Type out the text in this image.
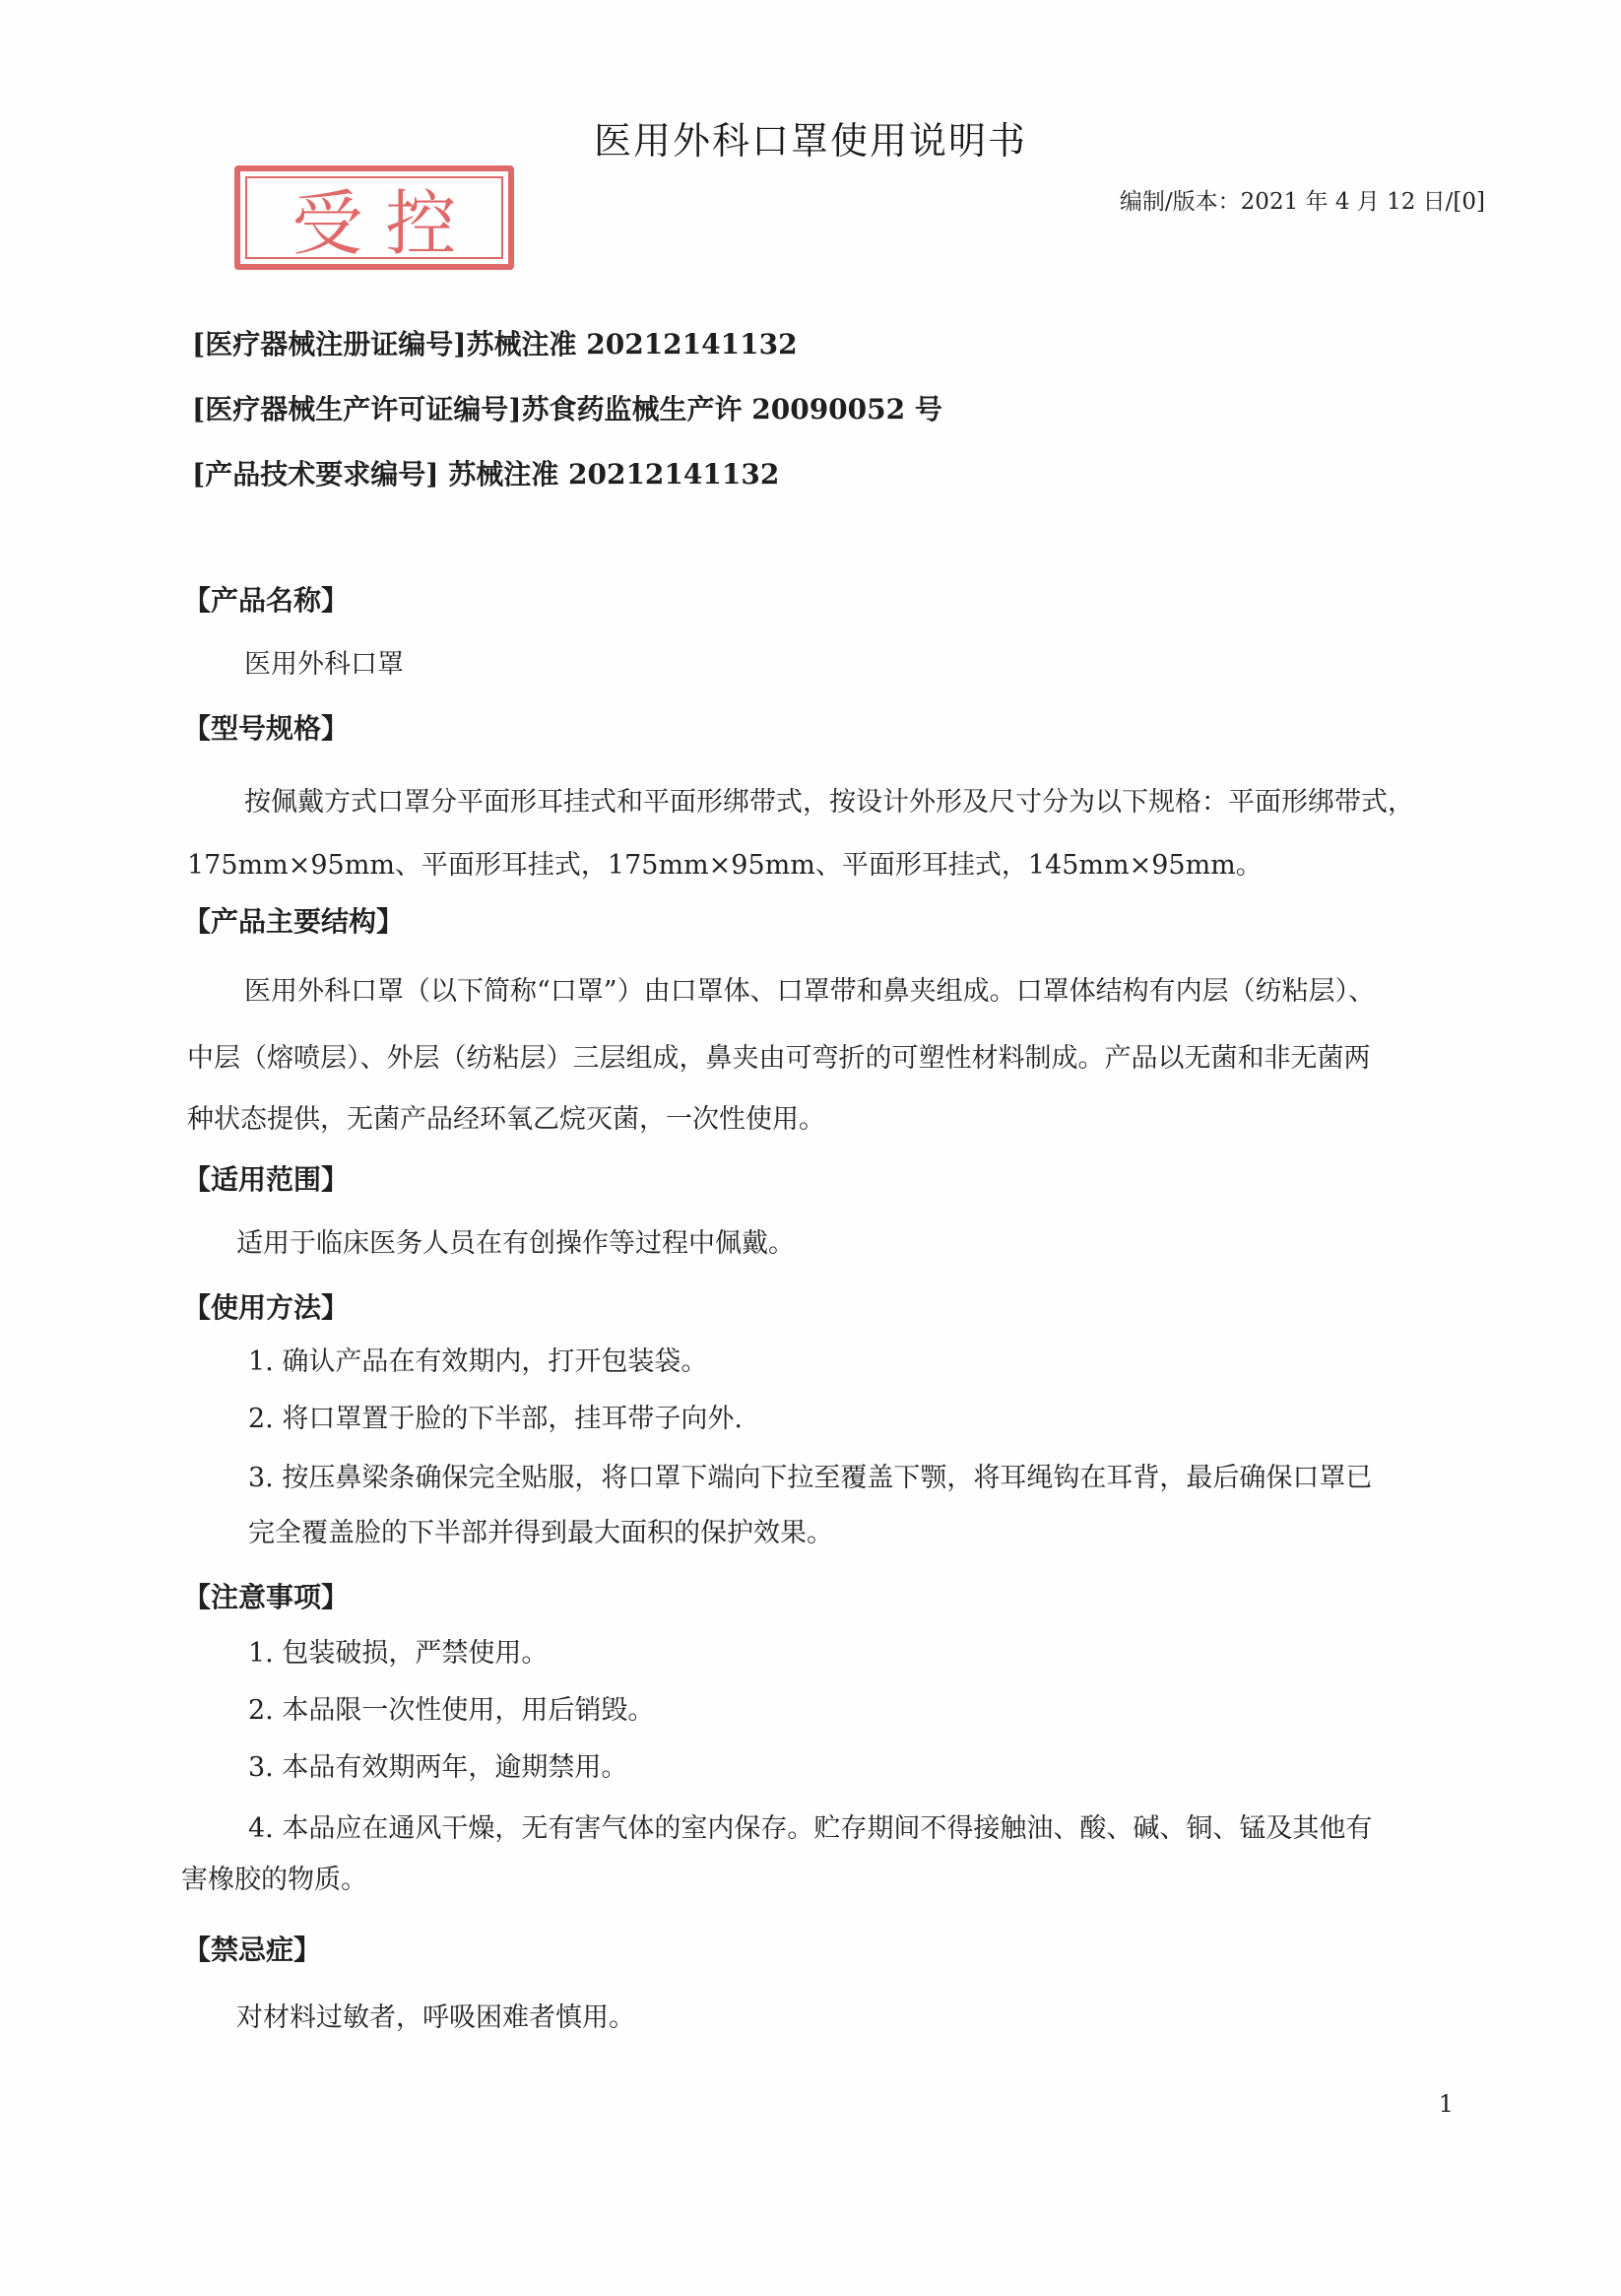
医用外科口罩使用说明书
受 控	编制/版本：2021 年 4 月 12 日/[0]
[医疗器械注册证编号]苏械注准 20212141132
[医疗器械生产许可证编号]苏食药监械生产许 20090052 号
[产品技术要求编号] 苏械注准 20212141132
【产品名称】
医用外科口罩
【型号规格】
按佩戴方式口罩分平面形耳挂式和平面形绑带式，按设计外形及尺寸分为以下规格：平面形绑带式，
175mm×95mm、平面形耳挂式，175mm×95mm、平面形耳挂式，145mm×95mm。
【产品主要结构】
医用外科口罩（以下简称“口罩”）由口罩体、口罩带和鼻夹组成。口罩体结构有内层（纺粘层）、
中层（熔喷层）、外层（纺粘层）三层组成，鼻夹由可弯折的可塑性材料制成。产品以无菌和非无菌两
种状态提供，无菌产品经环氧乙烷灭菌，一次性使用。
【适用范围】
适用于临床医务人员在有创操作等过程中佩戴。
【使用方法】
1. 确认产品在有效期内，打开包装袋。
2. 将口罩置于脸的下半部，挂耳带子向外.
3. 按压鼻梁条确保完全贴服，将口罩下端向下拉至覆盖下颚，将耳绳钩在耳背，最后确保口罩已
完全覆盖脸的下半部并得到最大面积的保护效果。
【注意事项】
1. 包装破损，严禁使用。
2. 本品限一次性使用，用后销毁。
3. 本品有效期两年，逾期禁用。
4. 本品应在通风干燥，无有害气体的室内保存。贮存期间不得接触油、酸、碱、铜、锰及其他有
害橡胶的物质。
【禁忌症】
对材料过敏者，呼吸困难者慎用。
1
